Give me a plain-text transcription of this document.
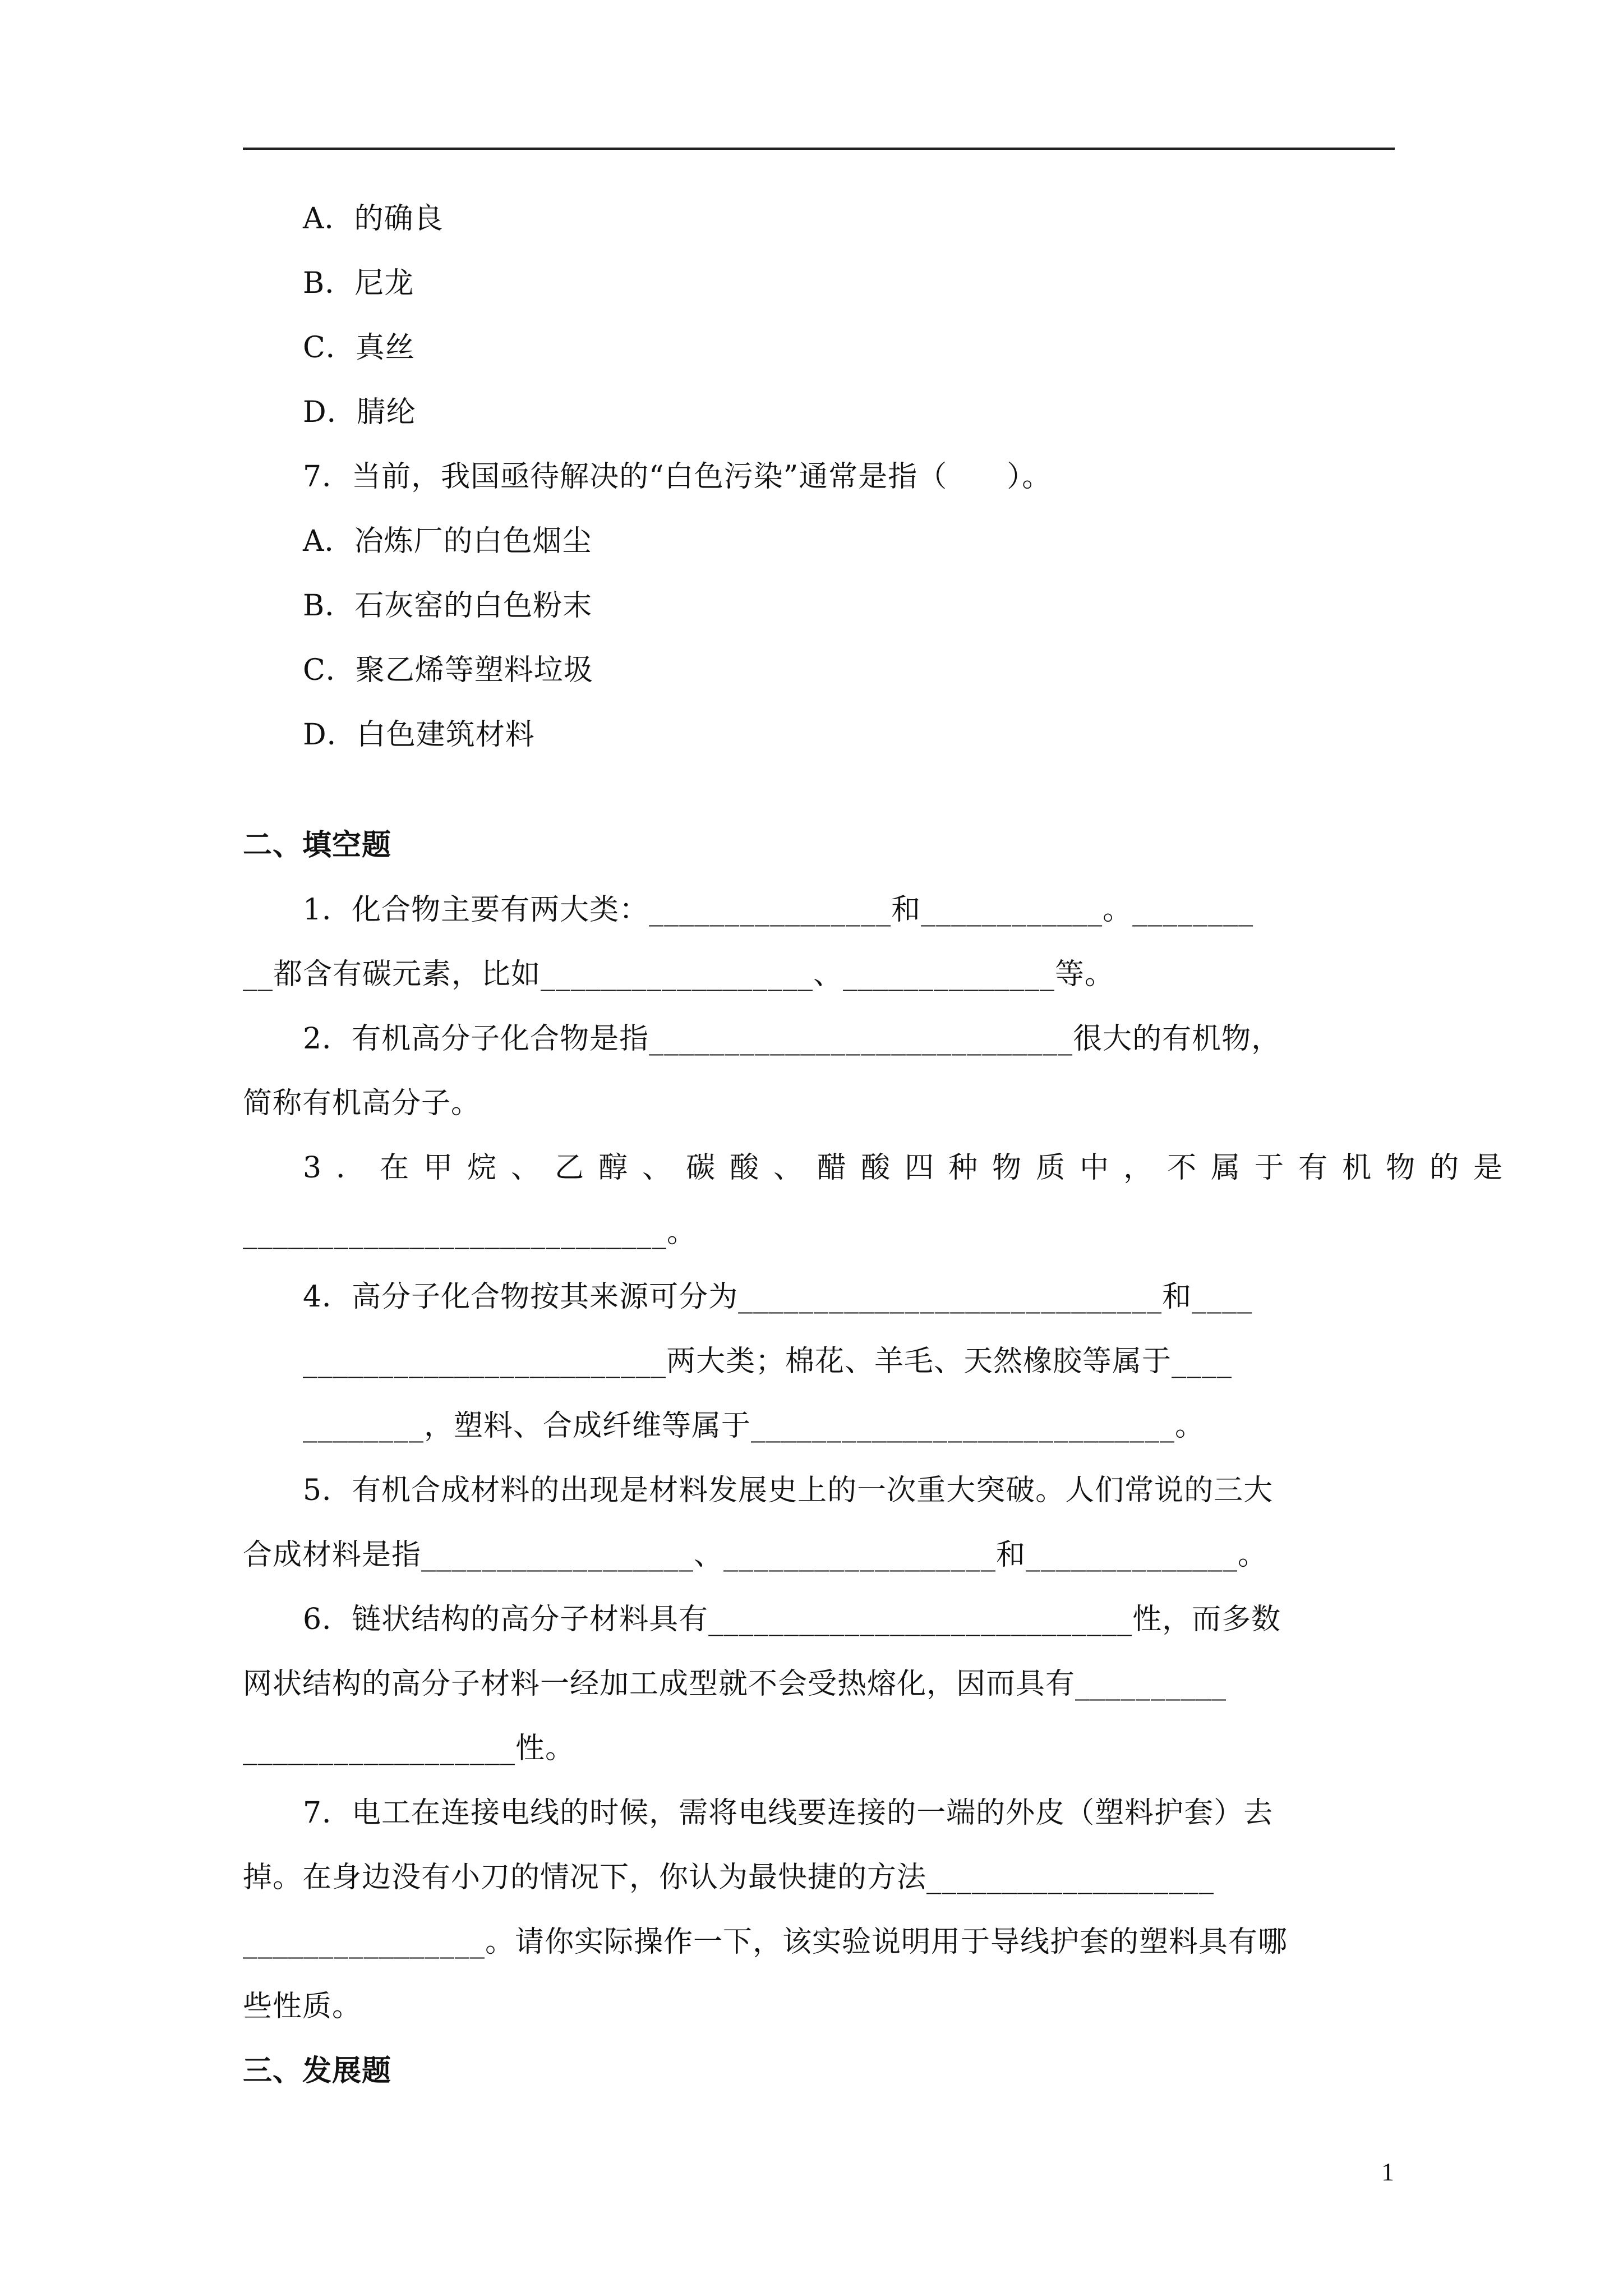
A．的确良
B．尼龙
C．真丝
D．腈纶
7．当前，我国亟待解决的“白色污染”通常是指（　　）。
A．冶炼厂的白色烟尘
B．石灰窑的白色粉末
C．聚乙烯等塑料垃圾
D．白色建筑材料
二、填空题
1．化合物主要有两大类：________________和____________。________
__都含有碳元素，比如__________________、______________等。
2．有机高分子化合物是指____________________________很大的有机物，
简称有机高分子。
3．在甲烷、乙醇、碳酸、醋酸四种物质中，不属于有机物的是
____________________________。
4．高分子化合物按其来源可分为____________________________和____
________________________两大类；棉花、羊毛、天然橡胶等属于____
________，塑料、合成纤维等属于____________________________。
5．有机合成材料的出现是材料发展史上的一次重大突破。人们常说的三大
合成材料是指__________________、__________________和______________。
6．链状结构的高分子材料具有____________________________性，而多数
网状结构的高分子材料一经加工成型就不会受热熔化，因而具有__________
__________________性。
7．电工在连接电线的时候，需将电线要连接的一端的外皮（塑料护套）去
掉。在身边没有小刀的情况下，你认为最快捷的方法___________________
________________。请你实际操作一下，该实验说明用于导线护套的塑料具有哪
些性质。
三、发展题
1
